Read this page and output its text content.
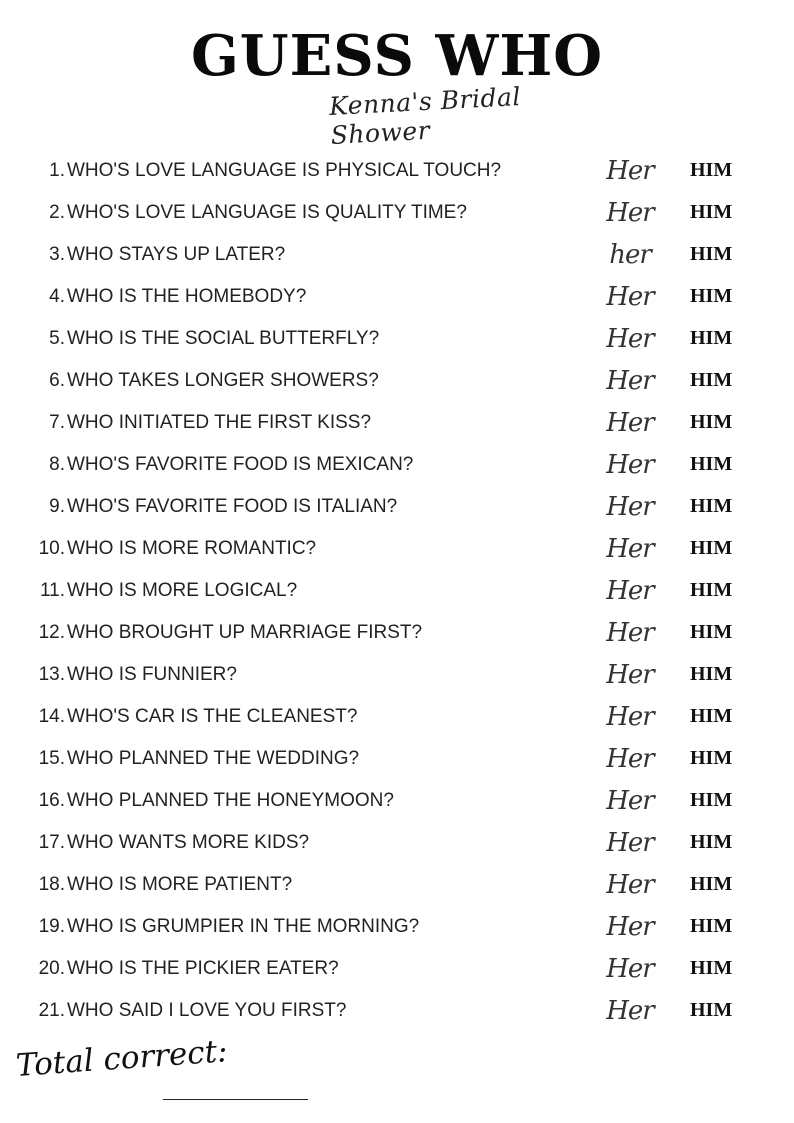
GUESS WHO
Kenna's Bridal Shower
1. WHO'S LOVE LANGUAGE IS PHYSICAL TOUCH?	Her HIM
2. WHO'S LOVE LANGUAGE IS QUALITY TIME?	Her HIM
3. WHO STAYS UP LATER?	her HIM
4. WHO IS THE HOMEBODY?	Her HIM
5. WHO IS THE SOCIAL BUTTERFLY?	Her HIM
6. WHO TAKES LONGER SHOWERS?	Her HIM
7. WHO INITIATED THE FIRST KISS?	Her HIM
8. WHO'S FAVORITE FOOD IS MEXICAN?	Her HIM
9. WHO'S FAVORITE FOOD IS ITALIAN?	Her HIM
10. WHO IS MORE ROMANTIC?	Her HIM
11. WHO IS MORE LOGICAL?	Her HIM
12. WHO BROUGHT UP MARRIAGE FIRST?	Her HIM
13. WHO IS FUNNIER?	Her HIM
14. WHO'S CAR IS THE CLEANEST?	Her HIM
15. WHO PLANNED THE WEDDING?	Her HIM
16. WHO PLANNED THE HONEYMOON?	Her HIM
17. WHO WANTS MORE KIDS?	Her HIM
18. WHO IS MORE PATIENT?	Her HIM
19. WHO IS GRUMPIER IN THE MORNING?	Her HIM
20. WHO IS THE PICKIER EATER?	Her HIM
21. WHO SAID I LOVE YOU FIRST?	Her HIM
Total correct:
